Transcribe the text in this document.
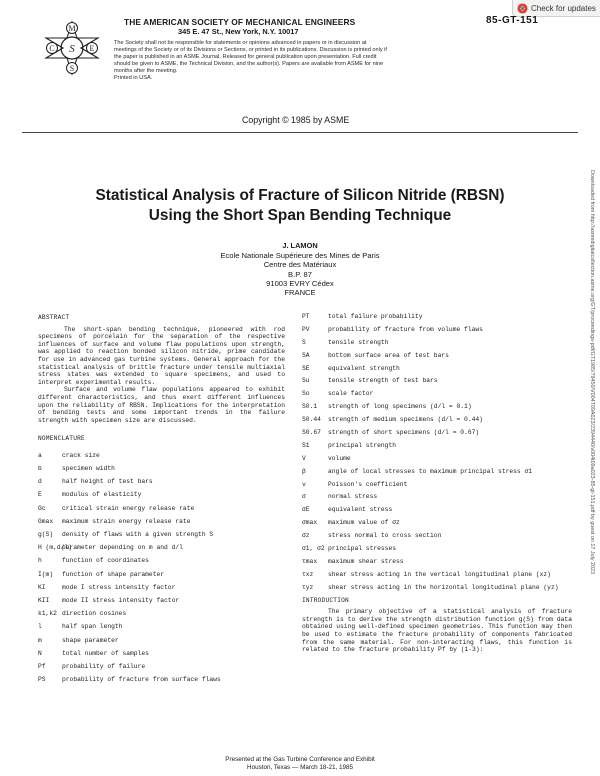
Check for updates
M
C	E
S
S
THE AMERICAN SOCIETY OF MECHANICAL ENGINEERS
345 E. 47 St., New York, N.Y. 10017
85-GT-151
The Society shall not be responsible for statements or opinions advanced in papers or in discussion at meetings of the Society or of its Divisions or Sections, or printed in its publications. Discussion is printed only if the paper is published in an ASME Journal. Released for general publication upon presentation. Full credit should be given to ASME, the Technical Division, and the author(s). Papers are available from ASME for nine months after the meeting.
Printed in USA.
Copyright © 1985 by ASME
Downloaded from http://asmedigitalcollection.asme.org/GT/proceedings-pdf/GT1985/79450/V004T09A023/2394440/v004t09a023-85-gt-151.pdf by guest on 17 July 2023
Statistical Analysis of Fracture of Silicon Nitride (RBSN)
Using the Short Span Bending Technique
J. LAMON
Ecole Nationale Supérieure des Mines de Paris
Centre des Matériaux
B.P. 87
91003 EVRY Cédex
FRANCE
ABSTRACT

The short-span bending technique, pioneered with rod specimens of porcelain for the separation of the respective influences of surface and volume flaw populations upon strength, was applied to reaction bonded silicon nitride, prime candidate for use in advanced gas turbine systems. General approach for the statistical analysis of brittle fracture under tensile multiaxial stress states was extended to square specimens, and used to interpret experimental results.

Surface and volume flaw populations appeared to exhibit different characteristics, and thus exert different influences upon the reliability of RBSN. Implications for the interpretation of bending tests and some important trends in the failure strength with specimen size are discussed.

NOMENCLATURE
a	crack size
b	specimen width
d	half height of test bars
E	modulus of elasticity
Gc	critical strain energy release rate
Gmax maximum strain energy release rate
g(S) density of flaws with a given strength S
H (m,d/l)
parameter depending on m and d/l
h	function of coordinates
I(m) function of shape parameter
KI	mode I stress intensity factor
KII mode II stress intensity factor
k1,k2 direction cosines
l	half span length
m	shape parameter
N	total number of samples
Pf	probability of failure
PS	probability of fracture from surface flaws
PT	total failure probability
PV	probability of fracture from volume flaws
S	tensile strength
SA	bottom surface area of test bars
SE	equivalent strength
Su	tensile strength of test bars
So	scale factor
S0.1 strength of long specimens (d/l = 0.1)
S0.44 strength of medium specimens (d/l = 0.44)
S0.67 strength of short specimens (d/l = 0.67)
S1	principal strength
V	volume
β	angle of local stresses to maximum principal stress σ1
ν	Poisson's coefficient
σ	normal stress
σE	equivalent stress
σmax maximum value of σz
σz	stress normal to cross section
σ1, σ2 principal stresses
τmax maximum shear stress
τxz shear stress acting in the vertical longitudinal plane (xz)
τyz shear stress acting in the horizontal longitudinal plane (yz)
INTRODUCTION

The primary objective of a statistical analysis of fracture strength is to derive the strength distribution function g(S) from data obtained using well-defined specimen geometries. This function may then be used to estimate the fracture probability of components fabricated from the same material. For non-interacting flaws, this function is related to the fracture probability Pf by (1-3):

Presented at the Gas Turbine Conference and Exhibit
Houston, Texas — March 18-21, 1985
